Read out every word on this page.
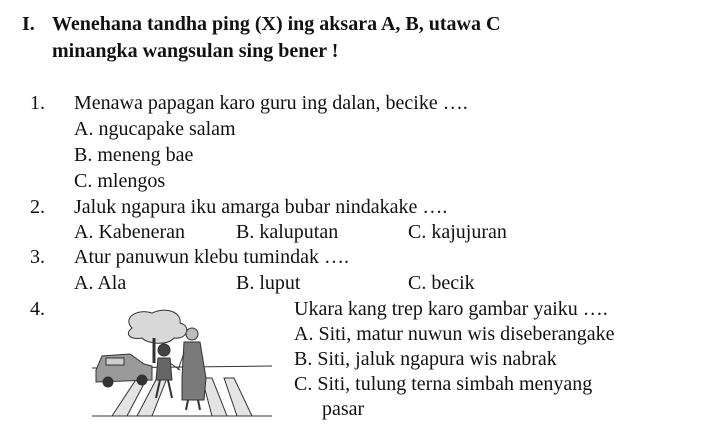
I. Wenehana tandha ping (X) ing aksara A, B, utawa C
minangka wangsulan sing bener !
1. Menawa papagan karo guru ing dalan, becike ….
A. ngucapake salam
B. meneng bae
C. mlengos
2. Jaluk ngapura iku amarga bubar nindakake ….
A. Kabeneran	B. kaluputan	C. kajujuran
3. Atur panuwun klebu tumindak ….
A. Ala	B. luput	C. becik
4.	Ukara kang trep karo gambar yaiku ….
A. Siti, matur nuwun wis diseberangake
B. Siti, jaluk ngapura wis nabrak
C. Siti, tulung terna simbah menyang
pasar
